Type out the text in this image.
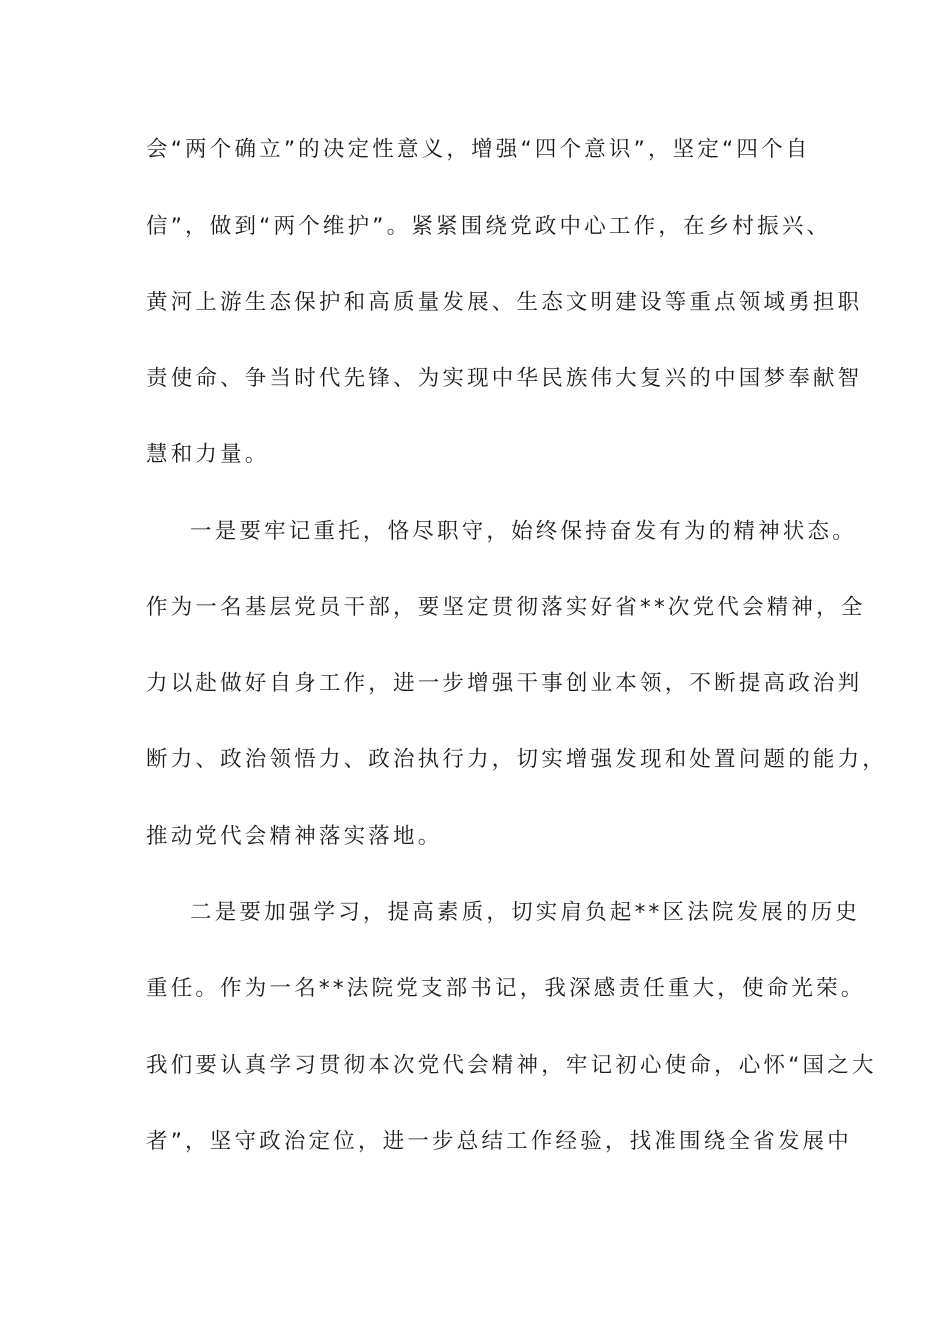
会“两个确立”的决定性意义，增强“四个意识”，坚定“四个自
信”，做到“两个维护”。紧紧围绕党政中心工作，在乡村振兴、
黄河上游生态保护和高质量发展、生态文明建设等重点领域勇担职
责使命、争当时代先锋、为实现中华民族伟大复兴的中国梦奉献智
慧和力量。
一是要牢记重托，恪尽职守，始终保持奋发有为的精神状态。
作为一名基层党员干部，要坚定贯彻落实好省**次党代会精神，全
力以赴做好自身工作，进一步增强干事创业本领，不断提高政治判
断力、政治领悟力、政治执行力，切实增强发现和处置问题的能力，
推动党代会精神落实落地。
二是要加强学习，提高素质，切实肩负起**区法院发展的历史
重任。作为一名**法院党支部书记，我深感责任重大，使命光荣。
我们要认真学习贯彻本次党代会精神，牢记初心使命，心怀“国之大
者”，坚守政治定位，进一步总结工作经验，找准围绕全省发展中
